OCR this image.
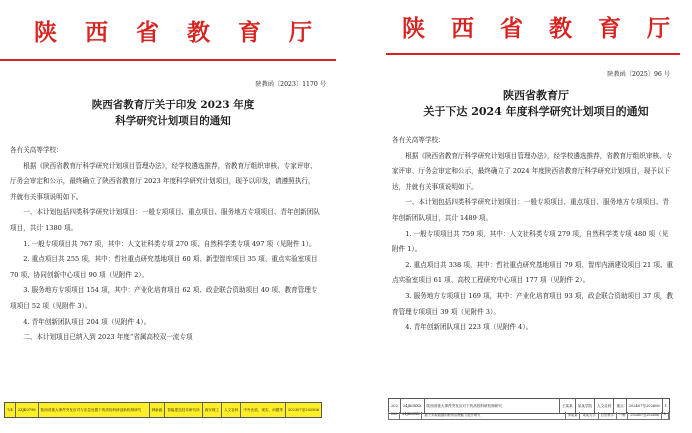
陕 西 省 教 育 厅
陕教函〔2023〕1170 号
陕西省教育厅关于印发 2023 年度
科学研究计划项目的通知

各有关高等学校：

根据《陕西省教育厅科学研究计划项目管理办法》，经学校遴选推荐，省教育厅组织审核、专家评审、厅务会审定和公示，最终确立了陕西省教育厅 2023 年度科学研究计划项目，现予以印发，请遵照执行，并就有关事项说明如下。

一、本计划包括四类科学研究计划项目：一般专项项目、重点项目、服务地方专项项目、青年创新团队项目，共计 1380 项。

1. 一般专项项目共 767 项，其中：人文社科类专项 270 项、自然科学类专项 497 项（见附件 1）。

2. 重点项目共 255 项，其中：哲社重点研究基地项目 60 项、新型智库项目 35 项、重点实验室项目 70 项、协同创新中心项目 90 项（见附件 2）。

3. 服务地方专项项目 154 项，其中：产业化培育项目 62 项、政企联合资助项目 40 项、教育管理专项项目 52 项（见附件 3）。

4. 青年创新团队项目 204 项（见附件 4）。

二、本计划项目已纳入到 2023 年度“省属高校双一流专项

7/4	23JK0798	陕西省重大事件突发应对与应急处置下的高校科研创新机制研究	韩新毅	智能建造技术研究所	西安理工	人文社科	中外比较、现实、问题等	202307至202506
陕 西 省 教 育 厅
陕教函〔2025〕96 号
陕西省教育厅
关于下达 2024 年度科学研究计划项目的通知

各有关高等学校：

根据《陕西省教育厅科学研究计划项目管理办法》，经学校遴选推荐，省教育厅组织审核、专家评审、厅务会审定和公示，最终确立了 2024 年度陕西省教育厅科学研究计划项目，现予以下达，并就有关事项说明如下。

一、本计划包括四类科学研究计划项目：一般专项项目、重点项目、服务地方专项项目、青年创新团队项目，共计 1489 项。

1. 一般专项项目共 759 项，其中：人文社科类专项 279 项，自然科学类专项 480 项（见附件 1）。

2. 重点项目共 338 项，其中：哲社重点研究基地项目 79 项、智库内涵建设项目 21 项、重点实验室项目 61 项、高校工程研究中心项目 177 项（见附件 2）。

3. 服务地方专项项目 169 项，其中：产业化培育项目 93 项，政企联合资助项目 37 项，教育管理专项项目 39 项（见附件 3）。

4. 青年创新团队项目 223 项（见附件 4）。

202	24JK0XXX	陕西省重大事件突发应对下的高校科研机制研究	王某某	某某学院	人文社科	重点	202407至202606	1
203	24JK0XXX	基于多源数据的教育治理能力提升研究	李某某	某某大学	自然科学	一般	202407至202606	1
